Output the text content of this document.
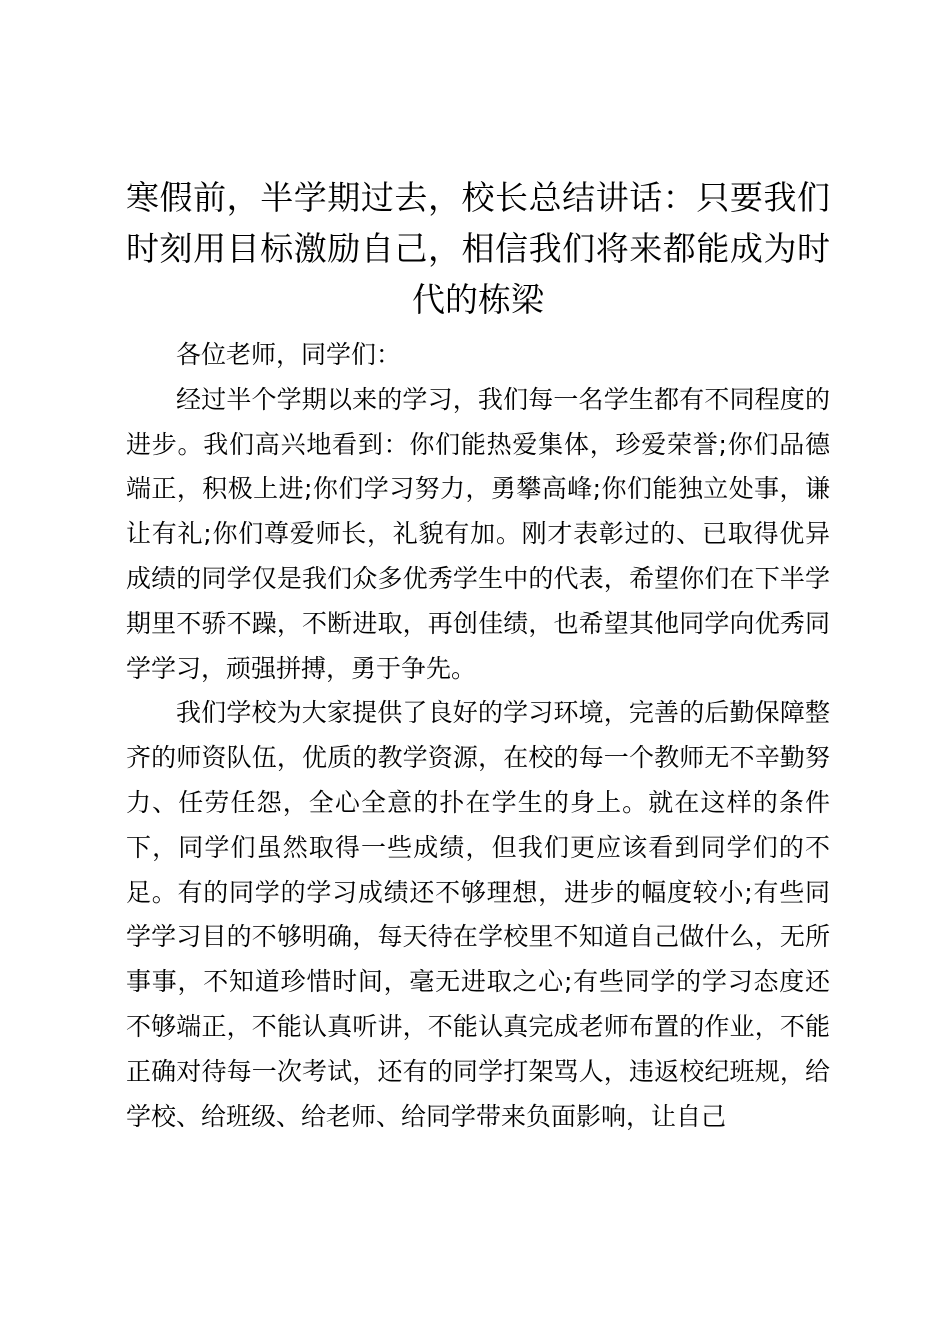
寒假前，半学期过去，校长总结讲话：只要我们时刻用目标激励自己，相信我们将来都能成为时代的栋梁

各位老师，同学们：

经过半个学期以来的学习，我们每一名学生都有不同程度的进步。我们高兴地看到：你们能热爱集体，珍爱荣誉;你们品德端正，积极上进;你们学习努力，勇攀高峰;你们能独立处事，谦让有礼;你们尊爱师长，礼貌有加。刚才表彰过的、已取得优异成绩的同学仅是我们众多优秀学生中的代表，希望你们在下半学期里不骄不躁，不断进取，再创佳绩，也希望其他同学向优秀同学学习，顽强拼搏，勇于争先。

我们学校为大家提供了良好的学习环境，完善的后勤保障整齐的师资队伍，优质的教学资源，在校的每一个教师无不辛勤努力、任劳任怨，全心全意的扑在学生的身上。就在这样的条件下，同学们虽然取得一些成绩，但我们更应该看到同学们的不足。有的同学的学习成绩还不够理想，进步的幅度较小;有些同学学习目的不够明确，每天待在学校里不知道自己做什么，无所事事，不知道珍惜时间，毫无进取之心;有些同学的学习态度还不够端正，不能认真听讲，不能认真完成老师布置的作业，不能正确对待每一次考试，还有的同学打架骂人，违返校纪班规，给学校、给班级、给老师、给同学带来负面影响，让自己
